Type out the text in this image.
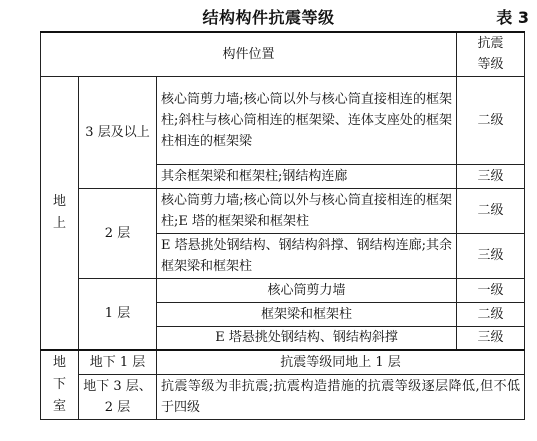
结构构件抗震等级	表 3
构件位置			抗震
等级

地
上	3 层及以上	核心筒剪力墙;核心筒以外与核心筒直接相连的框架柱;斜柱与核心筒相连的框架梁、连体支座处的框架柱相连的框架梁	二级
		其余框架梁和框架柱;钢结构连廊	三级
	2 层	核心筒剪力墙;核心筒以外与核心筒直接相连的框架柱;E 塔的框架梁和框架柱	二级
		E 塔悬挑处钢结构、钢结构斜撑、钢结构连廊;其余框架梁和框架柱	三级
	1 层	核心筒剪力墙	一级
		框架梁和框架柱	二级
		E 塔悬挑处钢结构、钢结构斜撑	三级

地
下
室	地下 1 层	抗震等级同地上 1 层	

	地下 3 层、
2 层	抗震等级为非抗震;抗震构造措施的抗震等级逐层降低,但不低于四级	
